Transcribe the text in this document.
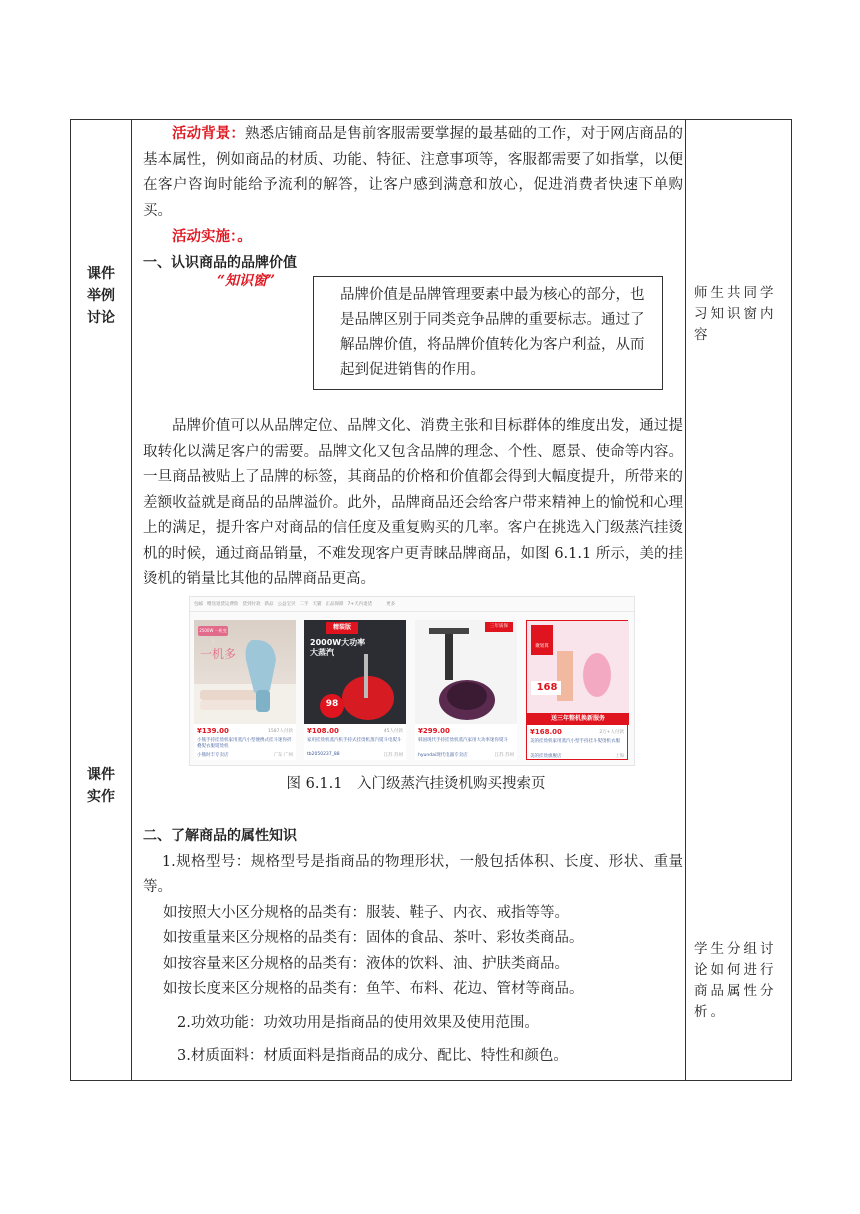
课件
举例
讨论
课件
实作

活动背景：熟悉店铺商品是售前客服需要掌握的最基础的工作，对于网店商品的基本属性，例如商品的材质、功能、特征、注意事项等，客服都需要了如指掌，以便在客户咨询时能给予流利的解答，让客户感到满意和放心，促进消费者快速下单购买。

活动实施：。

一、认识商品的品牌价值

“知识窗”
品牌价值是品牌管理要素中最为核心的部分，也是品牌区别于同类竞争品牌的重要标志。通过了解品牌价值，将品牌价值转化为客户利益，从而起到促进销售的作用。

品牌价值可以从品牌定位、品牌文化、消费主张和目标群体的维度出发，通过提取转化以满足客户的需要。品牌文化又包含品牌的理念、个性、愿景、使命等内容。一旦商品被贴上了品牌的标签，其商品的价格和价值都会得到大幅度提升，所带来的差额收益就是商品的品牌溢价。此外，品牌商品还会给客户带来精神上的愉悦和心理上的满足，提升客户对商品的信任度及重复购买的几率。客户在挑选入门级蒸汽挂烫机的时候，通过商品销量，不难发现客户更青睐品牌商品，如图 6.1.1 所示，美的挂烫机的销量比其他的品牌商品更高。

包邮 赠送退货运费险 货到付款 新品 公益宝贝 二手 天猫 正品保障 7+天内退货	更多
一机多
2500W 一机变三
¥139.00	1587人付款
小熊手持挂烫机家用蒸汽小型便携式挂斗迷你折叠熨衣服熨烫机
小熊时丰专卖店	广东 广州
精装版
2000W大功率 大蒸汽
98
¥108.00	45人付款
家用挂烫机蒸汽机手持式挂烫机蒸汽熨斗电熨斗
tb2050237_88	江苏 苏州
三年质保
¥299.00
韩国现代手持挂烫机蒸汽家用大功率迷你熨斗
hyundai现代电器专卖店	江苏 苏州
聚划算
168
送三年整机换新服务
¥168.00	2万+人付款
美的挂烫机家用蒸汽小型手持挂斗熨烫机衣服
美的挂烫旗舰店	上海
图 6.1.1　入门级蒸汽挂烫机购买搜索页

二、了解商品的属性知识

1.规格型号：规格型号是指商品的物理形状，一般包括体积、长度、形状、重量等。

如按照大小区分规格的品类有：服装、鞋子、内衣、戒指等等。
如按重量来区分规格的品类有：固体的食品、茶叶、彩妆类商品。
如按容量来区分规格的品类有：液体的饮料、油、护肤类商品。
如按长度来区分规格的品类有：鱼竿、布料、花边、管材等商品。
2.功效功能：功效功用是指商品的使用效果及使用范围。
3.材质面料：材质面料是指商品的成分、配比、特性和颜色。
师生共同学习知识窗内容
学生分组讨论如何进行商品属性分析。
